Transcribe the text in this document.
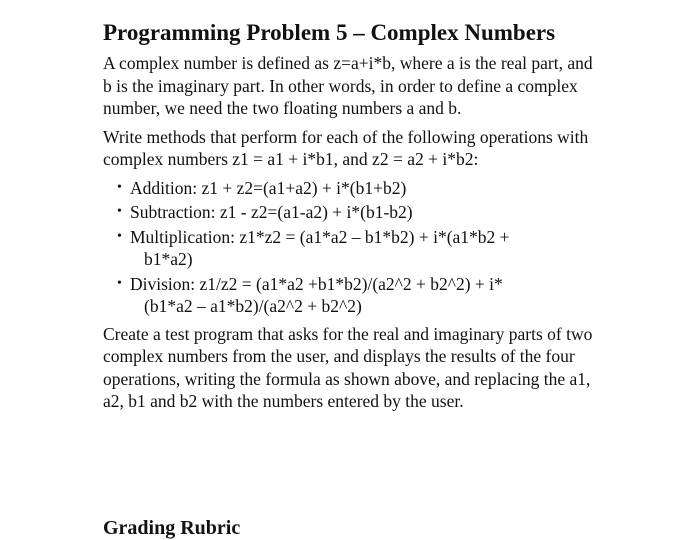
Programming Problem 5 – Complex Numbers

A complex number is defined as z=a+i*b, where a is the real part, and b is the imaginary part. In other words, in order to define a complex number, we need the two floating numbers a and b.

Write methods that perform for each of the following operations with complex numbers z1 = a1 + i*b1, and z2 = a2 + i*b2:

• Addition: z1 + z2=(a1+a2) + i*(b1+b2)
• Subtraction: z1 - z2=(a1-a2) + i*(b1-b2)
• Multiplication: z1*z2 = (a1*a2 – b1*b2) + i*(a1*b2 +
b1*a2)
• Division: z1/z2 = (a1*a2 +b1*b2)/(a2^2 + b2^2) + i*
(b1*a2 – a1*b2)/(a2^2 + b2^2)

Create a test program that asks for the real and imaginary parts of two complex numbers from the user, and displays the results of the four operations, writing the formula as shown above, and replacing the a1, a2, b1 and b2 with the numbers entered by the user.

Grading Rubric
